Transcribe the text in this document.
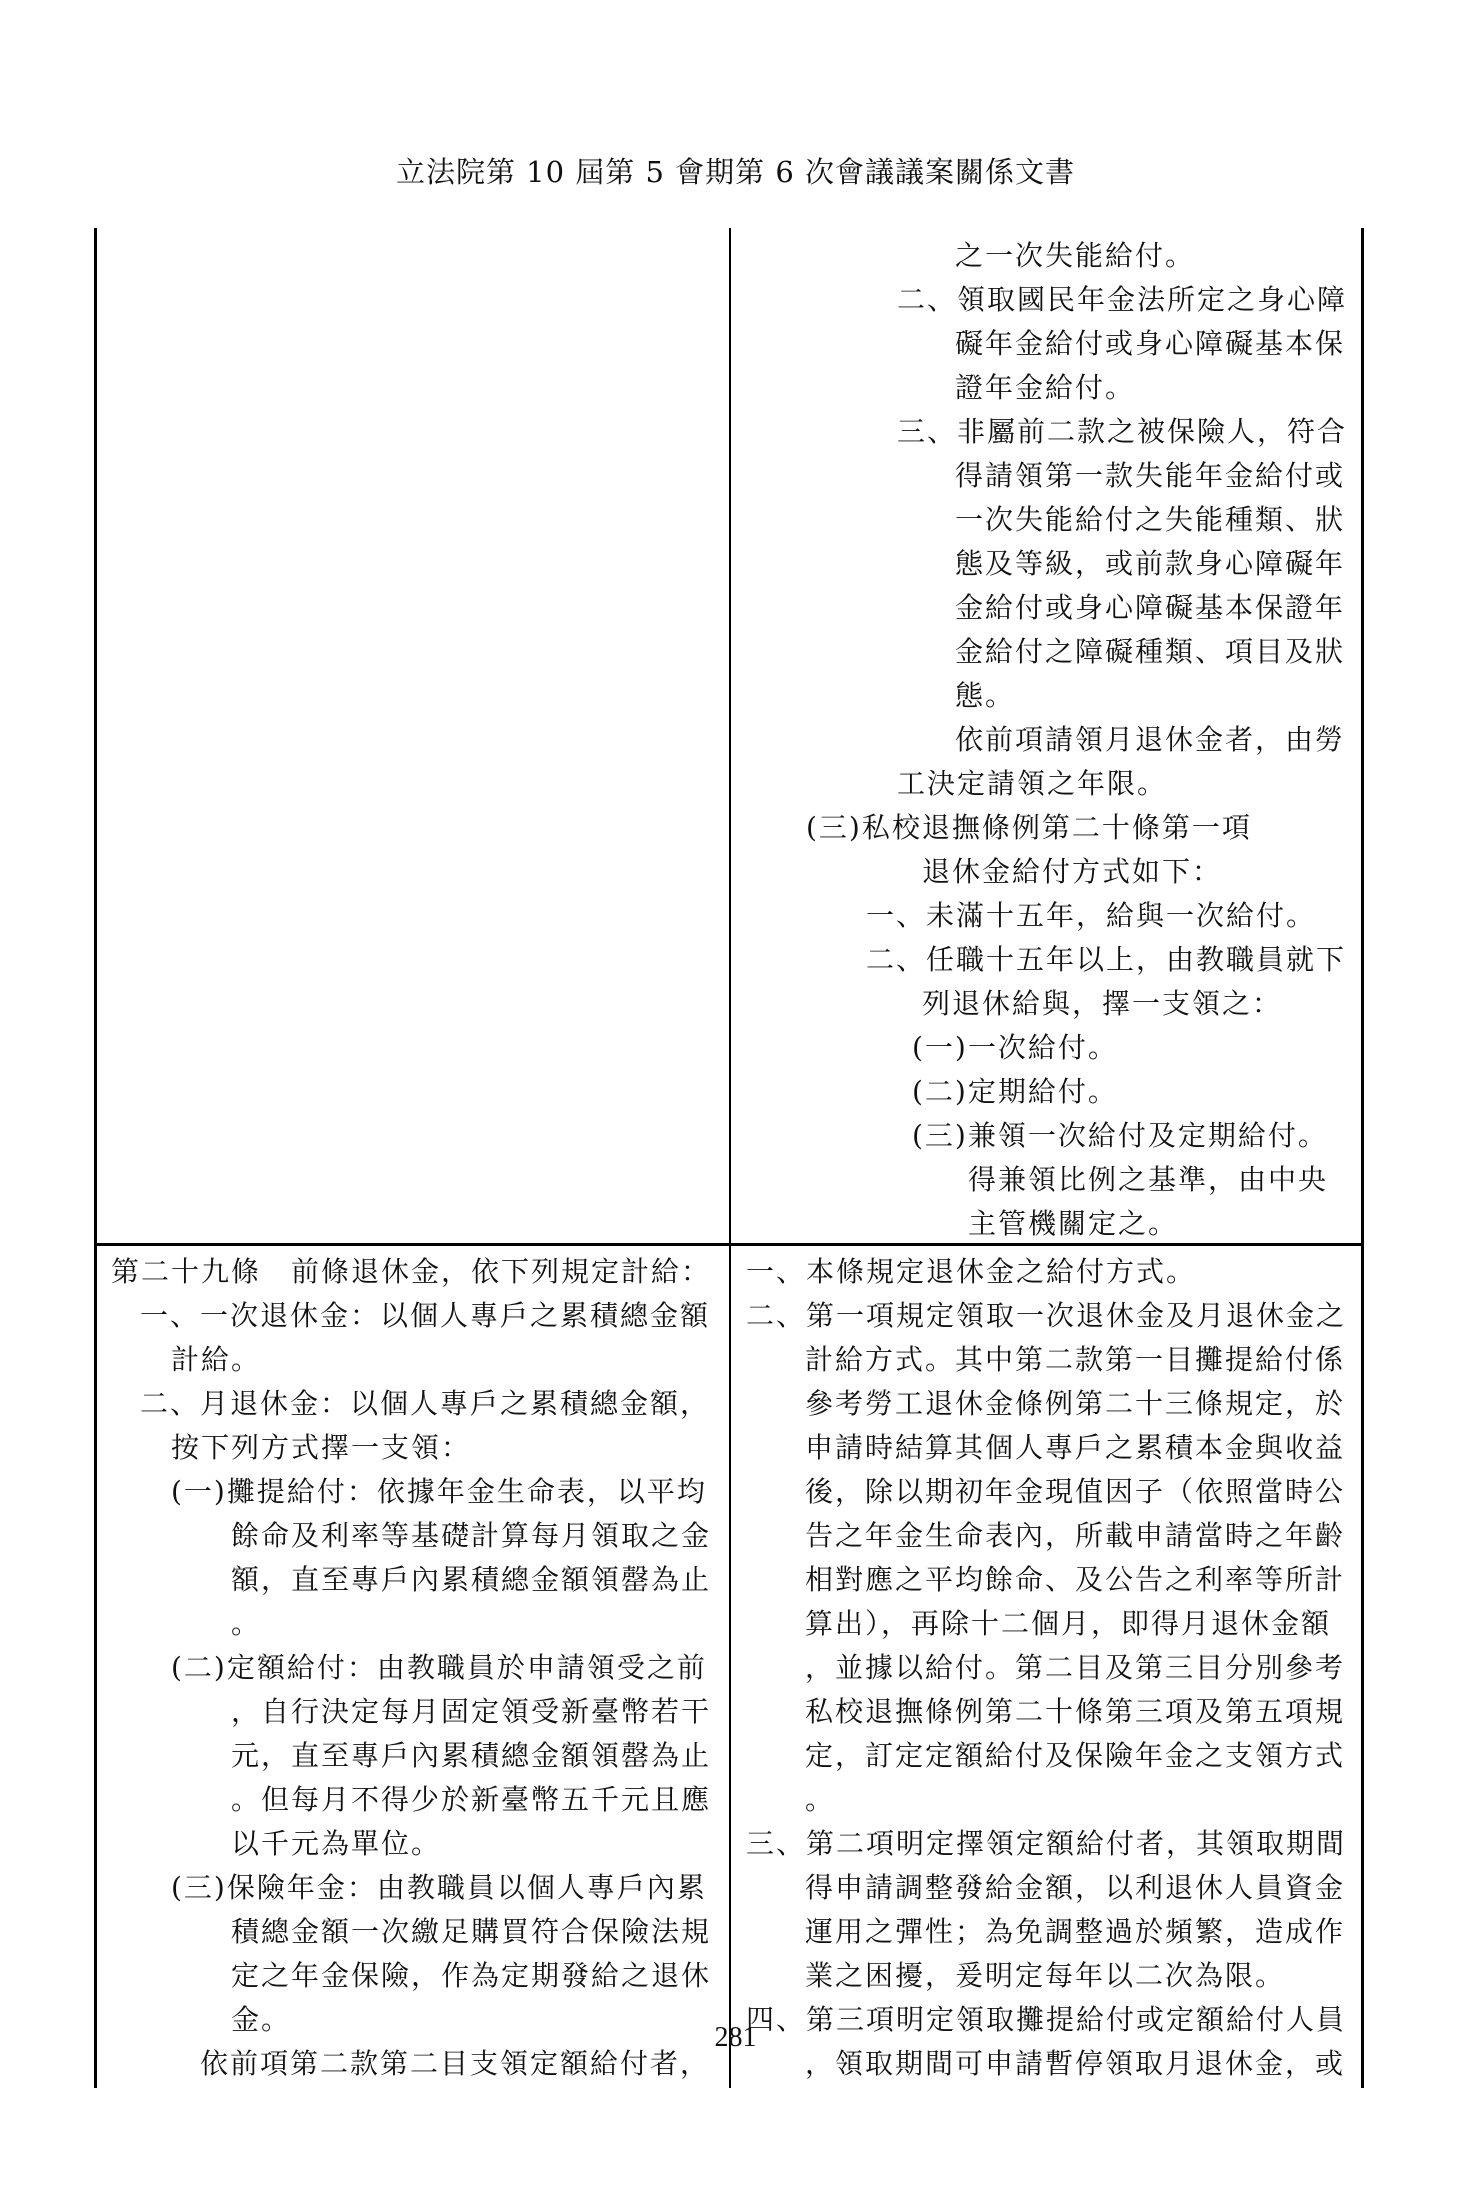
立法院第 10 屆第 5 會期第 6 次會議議案關係文書
之一次失能給付。
二、領取國民年金法所定之身心障
礙年金給付或身心障礙基本保
證年金給付。
三、非屬前二款之被保險人，符合
得請領第一款失能年金給付或
一次失能給付之失能種類、狀
態及等級，或前款身心障礙年
金給付或身心障礙基本保證年
金給付之障礙種類、項目及狀
態。
依前項請領月退休金者，由勞
工決定請領之年限。
(三)私校退撫條例第二十條第一項
退休金給付方式如下：
一、未滿十五年，給與一次給付。
二、任職十五年以上，由教職員就下
列退休給與，擇一支領之：
(一)一次給付。
(二)定期給付。
(三)兼領一次給付及定期給付。
得兼領比例之基準，由中央
主管機關定之。
第二十九條　前條退休金，依下列規定計給：
一、一次退休金：以個人專戶之累積總金額
計給。
二、月退休金：以個人專戶之累積總金額，
按下列方式擇一支領：
(一)攤提給付：依據年金生命表，以平均
餘命及利率等基礎計算每月領取之金
額，直至專戶內累積總金額領罄為止
。
(二)定額給付：由教職員於申請領受之前
，自行決定每月固定領受新臺幣若干
元，直至專戶內累積總金額領罄為止
。但每月不得少於新臺幣五千元且應
以千元為單位。
(三)保險年金：由教職員以個人專戶內累
積總金額一次繳足購買符合保險法規
定之年金保險，作為定期發給之退休
金。
依前項第二款第二目支領定額給付者，
一、本條規定退休金之給付方式。
二、第一項規定領取一次退休金及月退休金之
計給方式。其中第二款第一目攤提給付係
參考勞工退休金條例第二十三條規定，於
申請時結算其個人專戶之累積本金與收益
後，除以期初年金現值因子（依照當時公
告之年金生命表內，所載申請當時之年齡
相對應之平均餘命、及公告之利率等所計
算出），再除十二個月，即得月退休金額
，並據以給付。第二目及第三目分別參考
私校退撫條例第二十條第三項及第五項規
定，訂定定額給付及保險年金之支領方式
。
三、第二項明定擇領定額給付者，其領取期間
得申請調整發給金額，以利退休人員資金
運用之彈性；為免調整過於頻繁，造成作
業之困擾，爰明定每年以二次為限。
四、第三項明定領取攤提給付或定額給付人員
，領取期間可申請暫停領取月退休金，或
281
